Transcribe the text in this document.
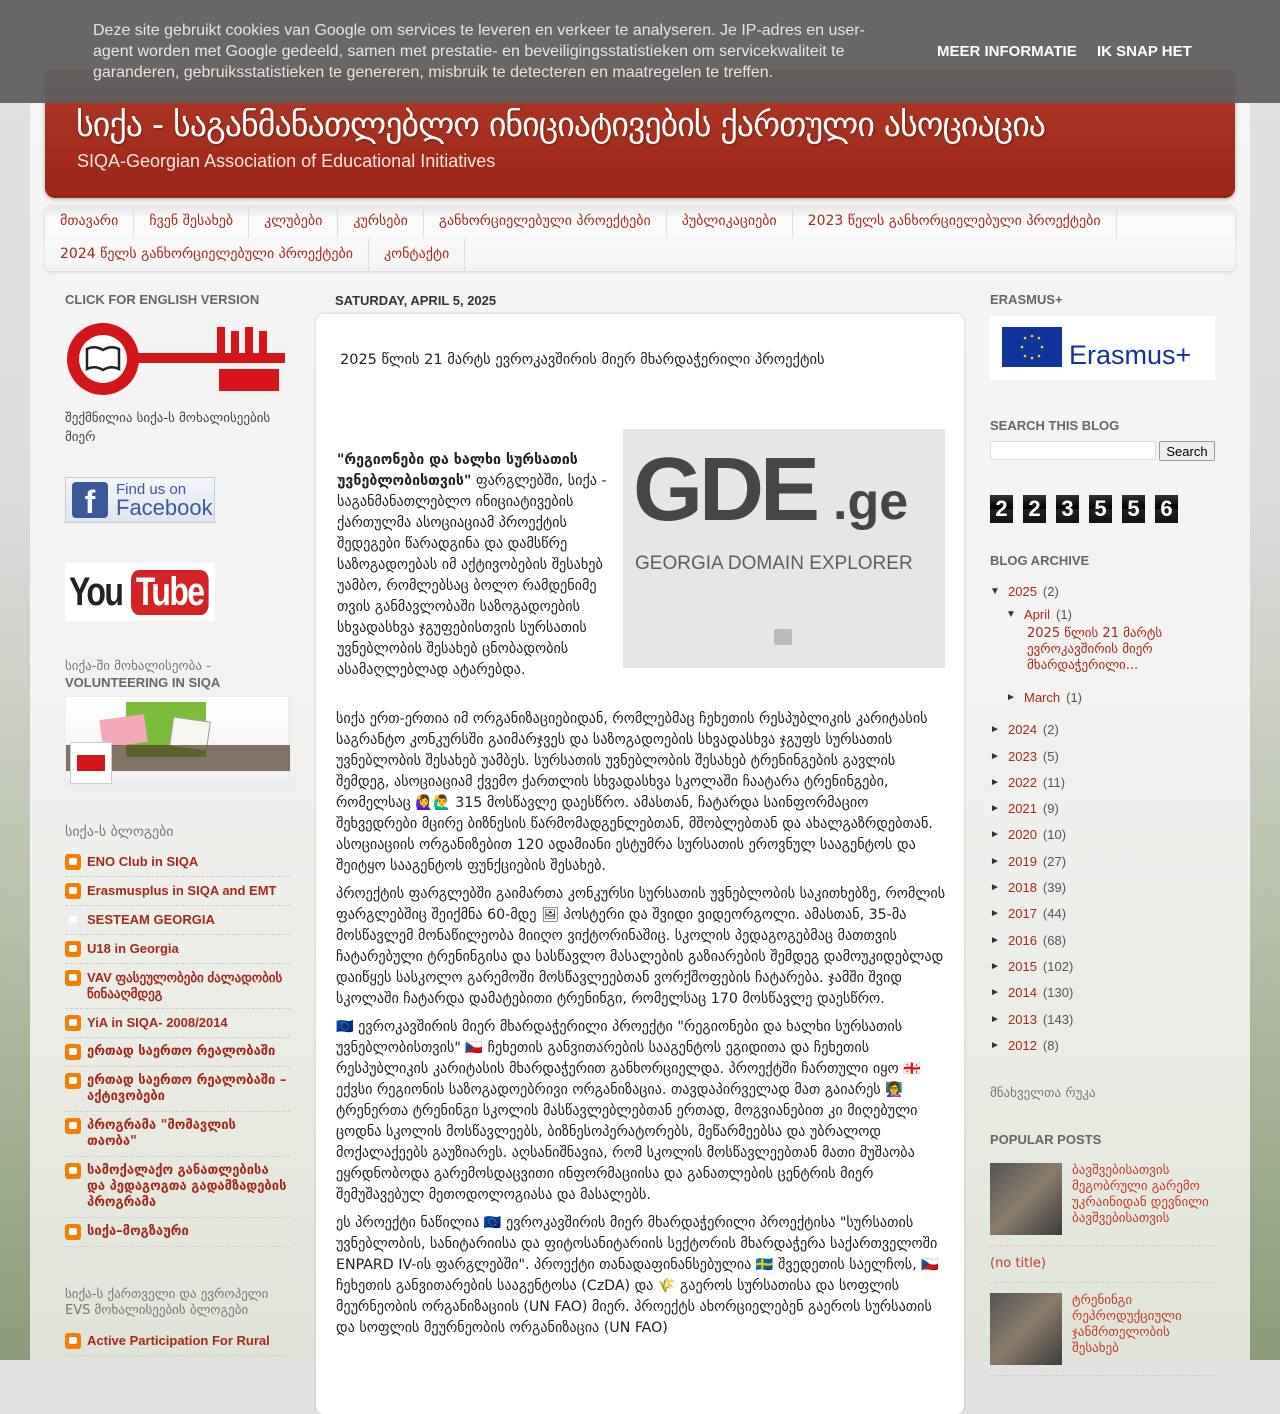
Deze site gebruikt cookies van Google om services te leveren en verkeer te analyseren. Je IP-adres en user-agent worden met Google gedeeld, samen met prestatie- en beveiligingsstatistieken om servicekwaliteit te garanderen, gebruiksstatistieken te genereren, misbruik te detecteren en maatregelen te treffen.

MEER INFORMATIE IK SNAP HET
სიქა - საგანმანათლებლო ინიციატივების ქართული ასოციაცია
SIQA-Georgian Association of Educational Initiatives
მთავარი	ჩვენ შესახებ	კლუბები	კურსები	განხორციელებული პროექტები	პუბლიკაციები	2023 წელს განხორციელებული პროექტები
2024 წელს განხორციელებული პროექტები	კონტაქტი
CLICK FOR ENGLISH VERSION
შექმნილია სიქა-ს მოხალისეების მიერ
f	Find us on
Facebook
You Tube
სიქა-ში მოხალისეობა -
VOLUNTEERING IN SIQA
სიქა-ს ბლოგები
ENO Club in SIQA
Erasmusplus in SIQA and EMT
SESTEAM GEORGIA
U18 in Georgia
VAV ფასეულობები ძალადობის წინააღმდეგ
YiA in SIQA- 2008/2014
ერთად საერთო რეალობაში
ერთად საერთო რეალობაში – აქტივობები
პროგრამა "მომავლის თაობა"
სამოქალაქო განათლებისა და პედაგოგთა გადამზადების პროგრამა
სიქა–მოგზაური
სიქა-ს ქართველი და ევროპელი EVS მოხალისეების ბლოგები
Active Participation For Rural
SATURDAY, APRIL 5, 2025
2025 წლის 21 მარტს ევროკავშირის მიერ მხარდაჭერილი პროექტის
"რეგიონები და ხალხი სურსათის უვნებლობისთვის" ფარგლებში, სიქა - საგანმანათლებლო ინიციატივების ქართულმა ასოციაციამ პროექტის შედეგები წარადგინა და დამსწრე საზოგადოებას იმ აქტივობების შესახებ უამბო, რომლებსაც ბოლო რამდენიმე თვის განმავლობაში საზოგადოების სხვადასხვა ჯგუფებისთვის სურსათის უვნებლობის შესახებ ცნობადობის ასამაღლებლად ატარებდა.

სიქა ერთ-ერთია იმ ორგანიზაციებიდან, რომლებმაც ჩეხეთის რესპუბლიკის კარიტასის საგრანტო კონკურსში გაიმარჯვეს და საზოგადოების სხვადასხვა ჯგუფს სურსათის უვნებლობის შესახებ უამბეს. სურსათის უვნებლობის შესახებ ტრენინგების გავლის შემდეგ, ასოციაციამ ქვემო ქართლის სხვადასხვა სკოლაში ჩაატარა ტრენინგები, რომელსაც 🙋‍♀️🙋‍♂️ 315 მოსწავლე დაესწრო. ამასთან, ჩატარდა საინფორმაციო შეხვედრები მცირე ბიზნესის წარმომადგენლებთან, მშობლებთან და ახალგაზრდებთან. ასოციაციის ორგანიზებით 120 ადამიანი ესტუმრა სურსათის ეროვნულ სააგენტოს და შეიტყო სააგენტოს ფუნქციების შესახებ.

პროექტის ფარგლებში გაიმართა კონკურსი სურსათის უვნებლობის საკითხებზე, რომლის ფარგლებშიც შეიქმნა 60-მდე 🖼 პოსტერი და შვიდი ვიდეორგოლი. ამასთან, 35-მა მოსწავლემ მონაწილეობა მიიღო ვიქტორინაშიც. სკოლის პედაგოგებმაც მათთვის ჩატარებული ტრენინგისა და სასწავლო მასალების გაზიარების შემდეგ დამოუკიდებლად დაიწყეს სასკოლო გარემოში მოსწავლეებთან ვორქშოფების ჩატარება. ჯამში შვიდ სკოლაში ჩატარდა დამატებითი ტრენინგი, რომელსაც 170 მოსწავლე დაესწრო.

🇪🇺 ევროკავშირის მიერ მხარდაჭერილი პროექტი "რეგიონები და ხალხი სურსათის უვნებლობისთვის" 🇨🇿 ჩეხეთის განვითარების სააგენტოს ეგიდითა და ჩეხეთის რესპუბლიკის კარიტასის მხარდაჭერით განხორციელდა. პროექტში ჩართული იყო 🇬🇪 ექვსი რეგიონის საზოგადოებრივი ორგანიზაცია. თავდაპირველად მათ გაიარეს 👩‍🏫 ტრენერთა ტრენინგი სკოლის მასწავლებლებთან ერთად, მოგვიანებით კი მიღებული ცოდნა სკოლის მოსწავლეებს, ბიზნესოპერატორებს, მეწარმეებსა და უბრალოდ მოქალაქეებს გაუზიარეს. აღსანიშნავია, რომ სკოლის მოსწავლეებთან მათი მუშაობა ეყრდნობოდა გარემოსდაცვითი ინფორმაციისა და განათლების ცენტრის მიერ შემუშავებულ მეთოდოლოგიასა და მასალებს.

ეს პროექტი ნაწილია 🇪🇺 ევროკავშირის მიერ მხარდაჭერილი პროექტისა "სურსათის უვნებლობის, სანიტარიისა და ფიტოსანიტარიის სექტორის მხარდაჭერა საქართველოში ENPARD IV-ის ფარგლებში". პროექტი თანადაფინანსებულია 🇸🇪 შვედეთის საელჩოს, 🇨🇿 ჩეხეთის განვითარების სააგენტოსა (CzDA) და 🌾 გაეროს სურსათისა და სოფლის მეურნეობის ორგანიზაციის (UN FAO) მიერ. პროექტს ახორციელებენ გაეროს სურსათის და სოფლის მეურნეობის ორგანიზაცია (UN FAO)

ERASMUS+
Erasmus+
SEARCH THIS BLOG
Search
2 2 3 5 5 6
BLOG ARCHIVE
▼ 2025 (2)
▼ April (1)
2025 წლის 21 მარტს ევროკავშირის მიერ მხარდაჭერილი...
► March (1)
► 2024 (2)
► 2023 (5)
► 2022 (11)
► 2021 (9)
► 2020 (10)
► 2019 (27)
► 2018 (39)
► 2017 (44)
► 2016 (68)
► 2015 (102)
► 2014 (130)
► 2013 (143)
► 2012 (8)
მნახველთა რუკა
POPULAR POSTS
ბავშვებისათვის მეგობრული გარემო უკრაინიდან დევნილი ბავშვებისათვის
(no title)
ტრენინგი რეპროდუქციული ჯანმრთელობის შესახებ
GDE .ge
GEORGIA DOMAIN EXPLORER
